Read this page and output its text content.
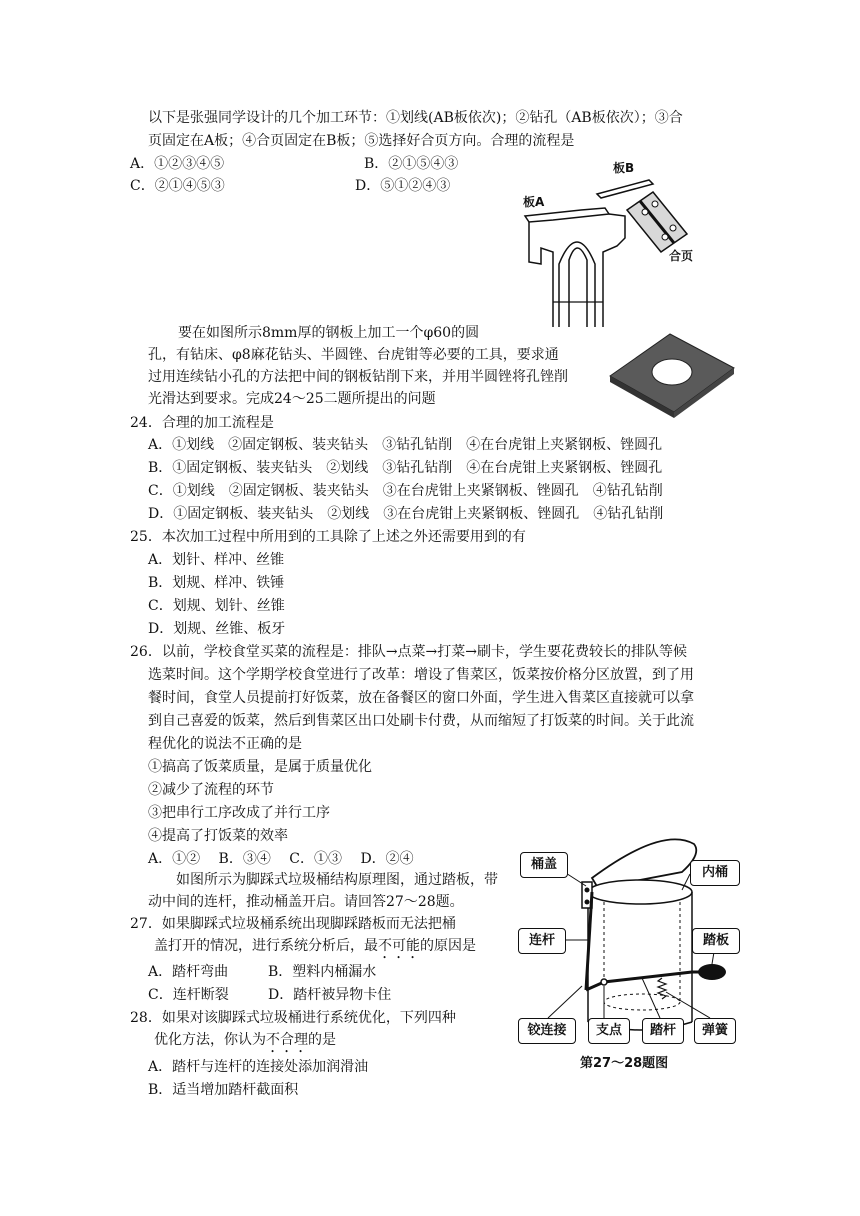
以下是张强同学设计的几个加工环节：①划线(AB板依次)；②钻孔（AB板依次）；③合
页固定在A板；④合页固定在B板；⑤选择好合页方向。合理的流程是
A．①②③④⑤	B．②①⑤④③
C．②①④⑤③	D．⑤①②④③
板B
板A
合页
要在如图所示8mm厚的钢板上加工一个φ60的圆
孔，有钻床、φ8麻花钻头、半圆锉、台虎钳等必要的工具，要求通
过用连续钻小孔的方法把中间的钢板钻削下来，并用半圆锉将孔锉削
光滑达到要求。完成24～25二题所提出的问题
24．合理的加工流程是
A．①划线　②固定钢板、装夹钻头　③钻孔钻削　④在台虎钳上夹紧钢板、锉圆孔
B．①固定钢板、装夹钻头　②划线　③钻孔钻削　④在台虎钳上夹紧钢板、锉圆孔
C．①划线　②固定钢板、装夹钻头　③在台虎钳上夹紧钢板、锉圆孔　④钻孔钻削
D．①固定钢板、装夹钻头　②划线　③在台虎钳上夹紧钢板、锉圆孔　④钻孔钻削
25．本次加工过程中所用到的工具除了上述之外还需要用到的有
A．划针、样冲、丝锥
B．划规、样冲、铁锤
C．划规、划针、丝锥
D．划规、丝锥、板牙
26．以前，学校食堂买菜的流程是：排队→点菜→打菜→刷卡，学生要花费较长的排队等候
选菜时间。这个学期学校食堂进行了改革：增设了售菜区，饭菜按价格分区放置，到了用
餐时间，食堂人员提前打好饭菜，放在备餐区的窗口外面，学生进入售菜区直接就可以拿
到自己喜爱的饭菜，然后到售菜区出口处刷卡付费，从而缩短了打饭菜的时间。关于此流
程优化的说法不正确的是
①搞高了饭菜质量，是属于质量优化
②减少了流程的环节
③把串行工序改成了并行工序
④提高了打饭菜的效率
A．①②　 B．③④　 C．①③　 D．②④
如图所示为脚踩式垃圾桶结构原理图，通过踏板，带
动中间的连杆，推动桶盖开启。请回答27～28题。
27．如果脚踩式垃圾桶系统出现脚踩踏板而无法把桶
盖打开的情况，进行系统分析后，最不可能的原因是
A．踏杆弯曲	B．塑料内桶漏水
C．连杆断裂	D．踏杆被异物卡住
28．如果对该脚踩式垃圾桶进行系统优化，下列四种
优化方法，你认为不合理的是
A．踏杆与连杆的连接处添加润滑油
B．适当增加踏杆截面积
桶盖
内桶
连杆	踏板
铰连接	支点	踏杆	弹簧
第27～28题图
